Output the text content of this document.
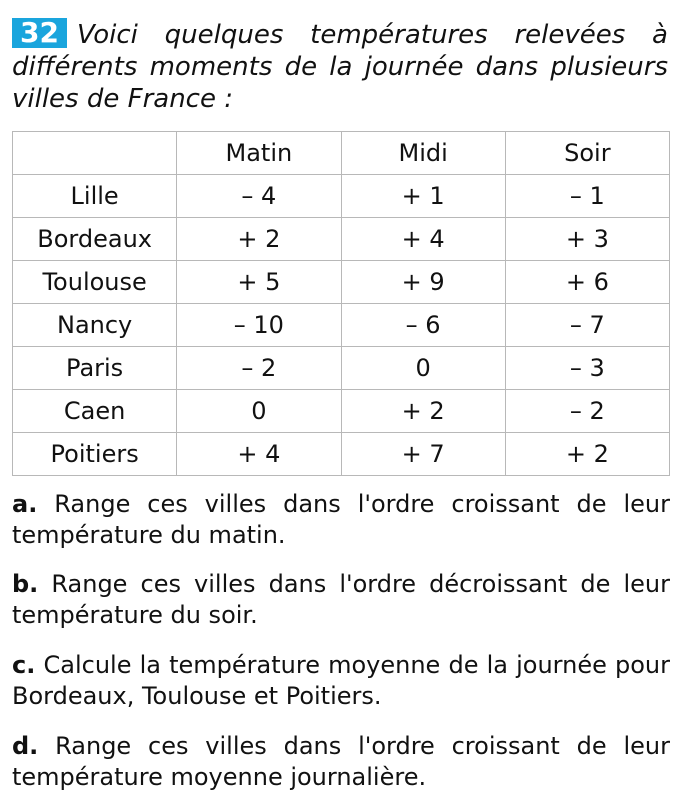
32 Voici quelques températures relevées à différents moments de la journée dans plusieurs villes de France :

	Matin	Midi	Soir
Lille	– 4	+ 1	– 1
Bordeaux	+ 2	+ 4	+ 3
Toulouse	+ 5	+ 9	+ 6
Nancy	– 10	– 6	– 7
Paris	– 2	0	– 3
Caen	0	+ 2	– 2
Poitiers	+ 4	+ 7	+ 2

a. Range ces villes dans l'ordre croissant de leur température du matin.

b. Range ces villes dans l'ordre décroissant de leur température du soir.

c. Calcule la température moyenne de la journée pour Bordeaux, Toulouse et Poitiers.

d. Range ces villes dans l'ordre croissant de leur température moyenne journalière.
